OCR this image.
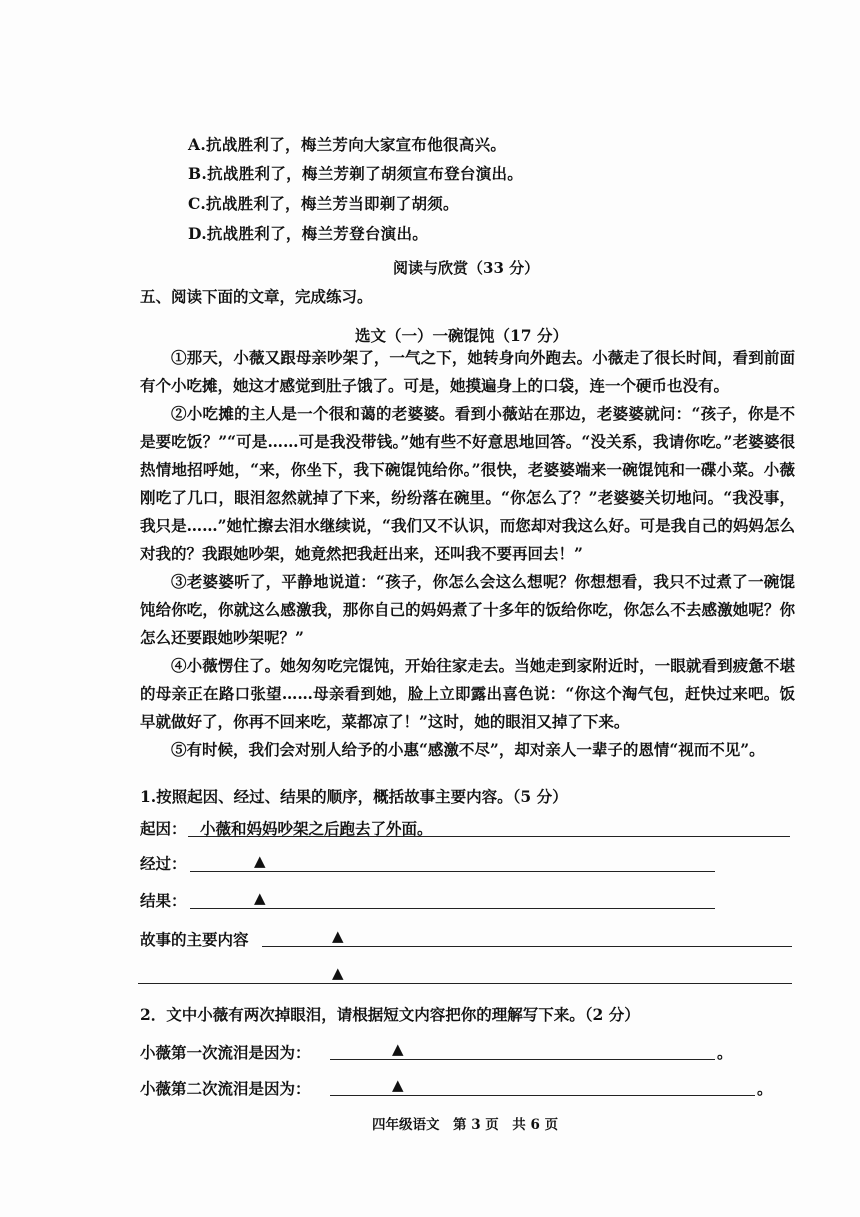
A.抗战胜利了，梅兰芳向大家宣布他很高兴。
B.抗战胜利了，梅兰芳剃了胡须宣布登台演出。
C.抗战胜利了，梅兰芳当即剃了胡须。
D.抗战胜利了，梅兰芳登台演出。
阅读与欣赏（33 分）
五、阅读下面的文章，完成练习。
选文（一）一碗馄饨（17 分）

①那天，小薇又跟母亲吵架了，一气之下，她转身向外跑去。小薇走了很长时间，看到前面有个小吃摊，她这才感觉到肚子饿了。可是，她摸遍身上的口袋，连一个硬币也没有。

②小吃摊的主人是一个很和蔼的老婆婆。看到小薇站在那边，老婆婆就问：“孩子，你是不是要吃饭？”“可是……可是我没带钱。”她有些不好意思地回答。“没关系，我请你吃。”老婆婆很热情地招呼她，“来，你坐下，我下碗馄饨给你。”很快，老婆婆端来一碗馄饨和一碟小菜。小薇刚吃了几口，眼泪忽然就掉了下来，纷纷落在碗里。“你怎么了？”老婆婆关切地问。“我没事，我只是……”她忙擦去泪水继续说，“我们又不认识，而您却对我这么好。可是我自己的妈妈怎么对我的？我跟她吵架，她竟然把我赶出来，还叫我不要再回去！”

③老婆婆听了，平静地说道：“孩子，你怎么会这么想呢？你想想看，我只不过煮了一碗馄饨给你吃，你就这么感激我，那你自己的妈妈煮了十多年的饭给你吃，你怎么不去感激她呢？你怎么还要跟她吵架呢？”

④小薇愣住了。她匆匆吃完馄饨，开始往家走去。当她走到家附近时，一眼就看到疲惫不堪的母亲正在路口张望……母亲看到她，脸上立即露出喜色说：“你这个淘气包，赶快过来吧。饭早就做好了，你再不回来吃，菜都凉了！”这时，她的眼泪又掉了下来。

⑤有时候，我们会对别人给予的小惠“感激不尽”，却对亲人一辈子的恩情“视而不见”。

1.按照起因、经过、结果的顺序，概括故事主要内容。（5 分）
起因： 小薇和妈妈吵架之后跑去了外面。
经过：	▲
结果：	▲
故事的主要内容	▲
▲
2．文中小薇有两次掉眼泪，请根据短文内容把你的理解写下来。（2 分）
小薇第一次流泪是因为：	▲	。
小薇第二次流泪是因为：	▲	。
四年级语文　第 3 页　共 6 页
